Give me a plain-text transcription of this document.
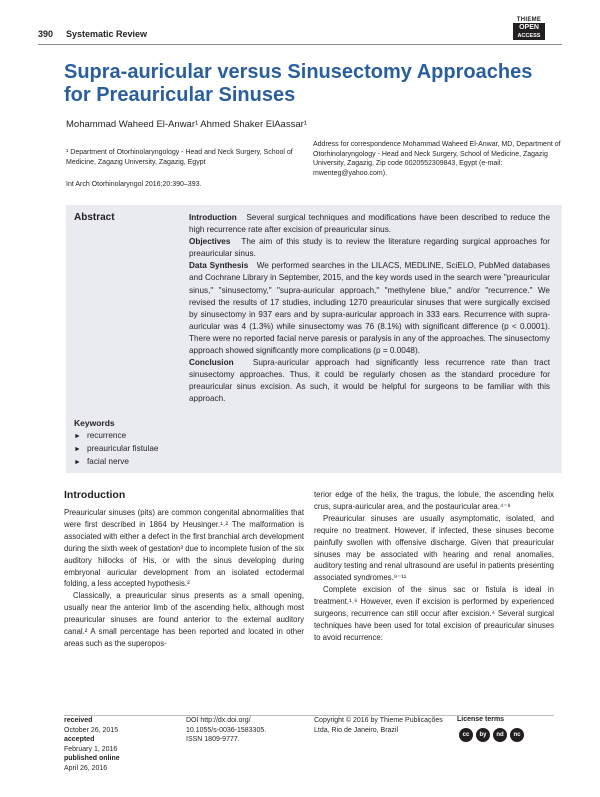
390 Systematic Review
THIEME
OPEN
ACCESS
Supra-auricular versus Sinusectomy Approaches for Preauricular Sinuses
Mohammad Waheed El-Anwar¹ Ahmed Shaker ElAassar¹
¹ Department of Otorhinolaryngology - Head and Neck Surgery, School of Medicine, Zagazig University, Zagazig, Egypt
Int Arch Otorhinolaryngol 2016;20:390–393.
Address for correspondence Mohammad Waheed El-Anwar, MD, Department of Otorhinolaryngology - Head and Neck Surgery, School of Medicine, Zagazig University, Zagazig, Zip code 0020552309843, Egypt (e-mail: mwenteg@yahoo.com).
Abstract	Introduction Several surgical techniques and modifications have been described to reduce the high recurrence rate after excision of preauricular sinus.

Objectives The aim of this study is to review the literature regarding surgical approaches for preauricular sinus.

Data Synthesis We performed searches in the LILACS, MEDLINE, SciELO, PubMed databases and Cochrane Library in September, 2015, and the key words used in the search were "preauricular sinus," "sinusectomy," "supra-auricular approach," "methylene blue," and/or "recurrence." We revised the results of 17 studies, including 1270 preauricular sinuses that were surgically excised by sinusectomy in 937 ears and by supra-auricular approach in 333 ears. Recurrence with supra-auricular was 4 (1.3%) while sinusectomy was 76 (8.1%) with significant difference (p < 0.0001). There were no reported facial nerve paresis or paralysis in any of the approaches. The sinusectomy approach showed significantly more complications (p = 0.0048).

Conclusion Supra-auricular approach had significantly less recurrence rate than tract sinusectomy approaches. Thus, it could be regularly chosen as the standard procedure for preauricular sinus excision. As such, it would be helpful for surgeons to be familiar with this approach.

Keywords
► recurrence
► preauricular fistulae
► facial nerve
Introduction

Preauricular sinuses (pits) are common congenital abnormalities that were first described in 1864 by Heusinger.¹˒² The malformation is associated with either a defect in the first branchial arch development during the sixth week of gestation³ due to incomplete fusion of the six auditory hillocks of His, or with the sinus developing during embryonal auricular development from an isolated ectodermal folding, a less accepted hypothesis.²

Classically, a preauricular sinus presents as a small opening, usually near the anterior limb of the ascending helix, although most preauricular sinuses are found anterior to the external auditory canal.² A small percentage has been reported and located in other areas such as the superopos-

terior edge of the helix, the tragus, the lobule, the ascending helix crus, supra-auricular area, and the postauricular area.⁴⁻⁸

Preauricular sinuses are usually asymptomatic, isolated, and require no treatment. However, if infected, these sinuses become painfully swollen with offensive discharge. Given that preauricular sinuses may be associated with hearing and renal anomalies, auditory testing and renal ultrasound are useful in patients presenting associated syndromes.⁹⁻¹¹

Complete excision of the sinus sac or fistula is ideal in treatment.¹˒⁶ However, even if excision is performed by experienced surgeons, recurrence can still occur after excision.⁴ Several surgical techniques have been used for total excision of preauricular sinuses to avoid recurrence:

received
October 26, 2015
accepted
February 1, 2016
published online
April 26, 2016
DOI http://dx.doi.org/
10.1055/s-0036-1583305.
ISSN 1809-9777.
Copyright © 2016 by Thieme Publicações
Ltda, Rio de Janeiro, Brazil
License terms
cc	by	nd	nc
